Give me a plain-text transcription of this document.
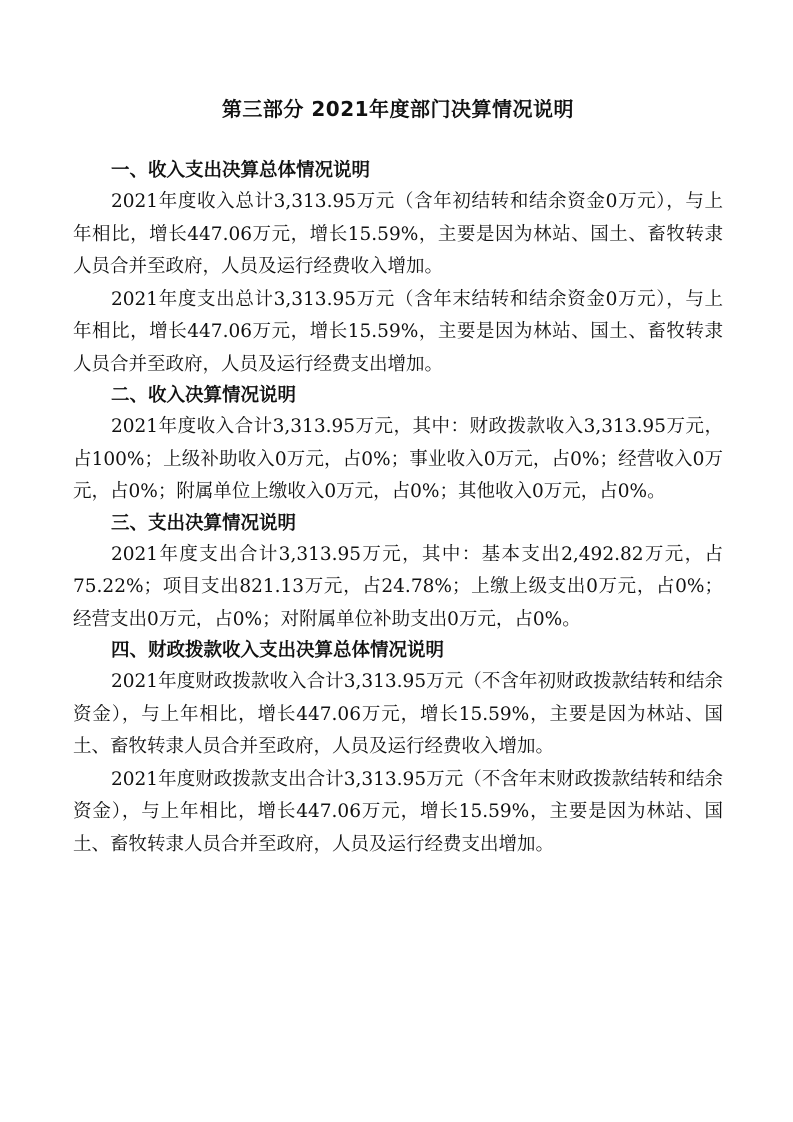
第三部分 2021年度部门决算情况说明

一、收入支出决算总体情况说明

2021年度收入总计3,313.95万元（含年初结转和结余资金0万元），与上年相比，增长447.06万元，增长15.59%，主要是因为林站、国土、畜牧转隶人员合并至政府，人员及运行经费收入增加。

2021年度支出总计3,313.95万元（含年末结转和结余资金0万元），与上年相比，增长447.06万元，增长15.59%，主要是因为林站、国土、畜牧转隶人员合并至政府，人员及运行经费支出增加。

二、收入决算情况说明

2021年度收入合计3,313.95万元，其中：财政拨款收入3,313.95万元，占100%；上级补助收入0万元，占0%；事业收入0万元，占0%；经营收入0万元，占0%；附属单位上缴收入0万元，占0%；其他收入0万元，占0%。

三、支出决算情况说明

2021年度支出合计3,313.95万元，其中：基本支出2,492.82万元，占75.22%；项目支出821.13万元，占24.78%；上缴上级支出0万元，占0%；经营支出0万元，占0%；对附属单位补助支出0万元，占0%。

四、财政拨款收入支出决算总体情况说明

2021年度财政拨款收入合计3,313.95万元（不含年初财政拨款结转和结余资金），与上年相比，增长447.06万元，增长15.59%，主要是因为林站、国土、畜牧转隶人员合并至政府，人员及运行经费收入增加。

2021年度财政拨款支出合计3,313.95万元（不含年末财政拨款结转和结余资金），与上年相比，增长447.06万元，增长15.59%，主要是因为林站、国土、畜牧转隶人员合并至政府，人员及运行经费支出增加。
